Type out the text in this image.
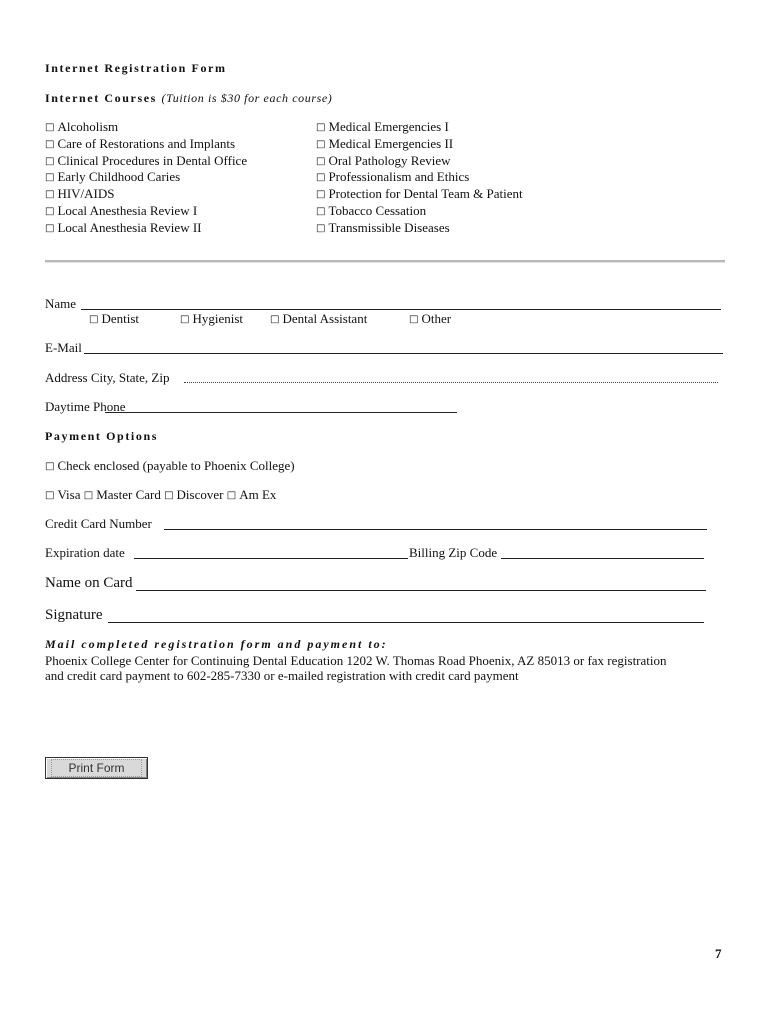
Internet Registration Form
Internet Courses (Tuition is $30 for each course)
□ Alcoholism
□ Care of Restorations and Implants
□ Clinical Procedures in Dental Office
□ Early Childhood Caries
□ HIV/AIDS
□ Local Anesthesia Review I
□ Local Anesthesia Review II
□ Medical Emergencies I
□ Medical Emergencies II
□ Oral Pathology Review
□ Professionalism and Ethics
□ Protection for Dental Team & Patient
□ Tobacco Cessation
□ Transmissible Diseases
Name
□ Dentist	□ Hygienist	□ Dental Assistant	□ Other
E-Mail
Address City, State, Zip
Daytime Phone
Payment Options
□ Check enclosed (payable to Phoenix College)
□ Visa □ Master Card □ Discover □ Am Ex
Credit Card Number
Expiration date	Billing Zip Code
Name on Card
Signature
Mail completed registration form and payment to:
Phoenix College Center for Continuing Dental Education 1202 W. Thomas Road Phoenix, AZ 85013 or fax registration
and credit card payment to 602-285-7330 or e-mailed registration with credit card payment
Print Form
7
